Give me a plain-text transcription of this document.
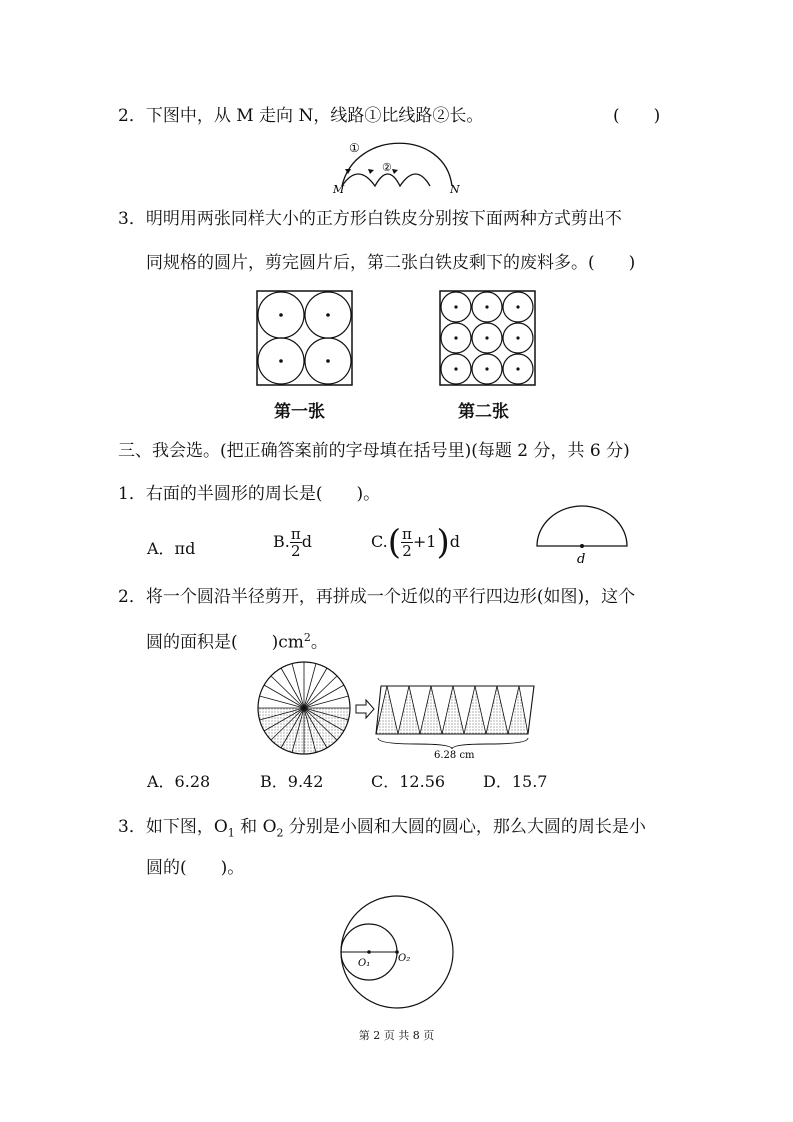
2．下图中，从 M 走向 N，线路①比线路②长。	(　　)
①
②
M	N
3．明明用两张同样大小的正方形白铁皮分别按下面两种方式剪出不
同规格的圆片，剪完圆片后，第二张白铁皮剩下的废料多。(　　)
第一张	第二张
三、我会选。(把正确答案前的字母填在括号里)(每题 2 分，共 6 分)
1．右面的半圆形的周长是(　　)。
A．πd	B. $\frac{\pi}{2}$ d	$C.( \frac{\pi}{2} +1)d$
d
2．将一个圆沿半径剪开，再拼成一个近似的平行四边形(如图)，这个
圆的面积是(　　)$cm^2$。
6.28 cm
A．6.28	B．9.42	C．12.56 D．15.7
3．如下图，$O_1$ 和 $O_2$ 分别是小圆和大圆的圆心，那么大圆的周长是小
圆的(　　)。
O₁	O₂
第 2 页 共 8 页
